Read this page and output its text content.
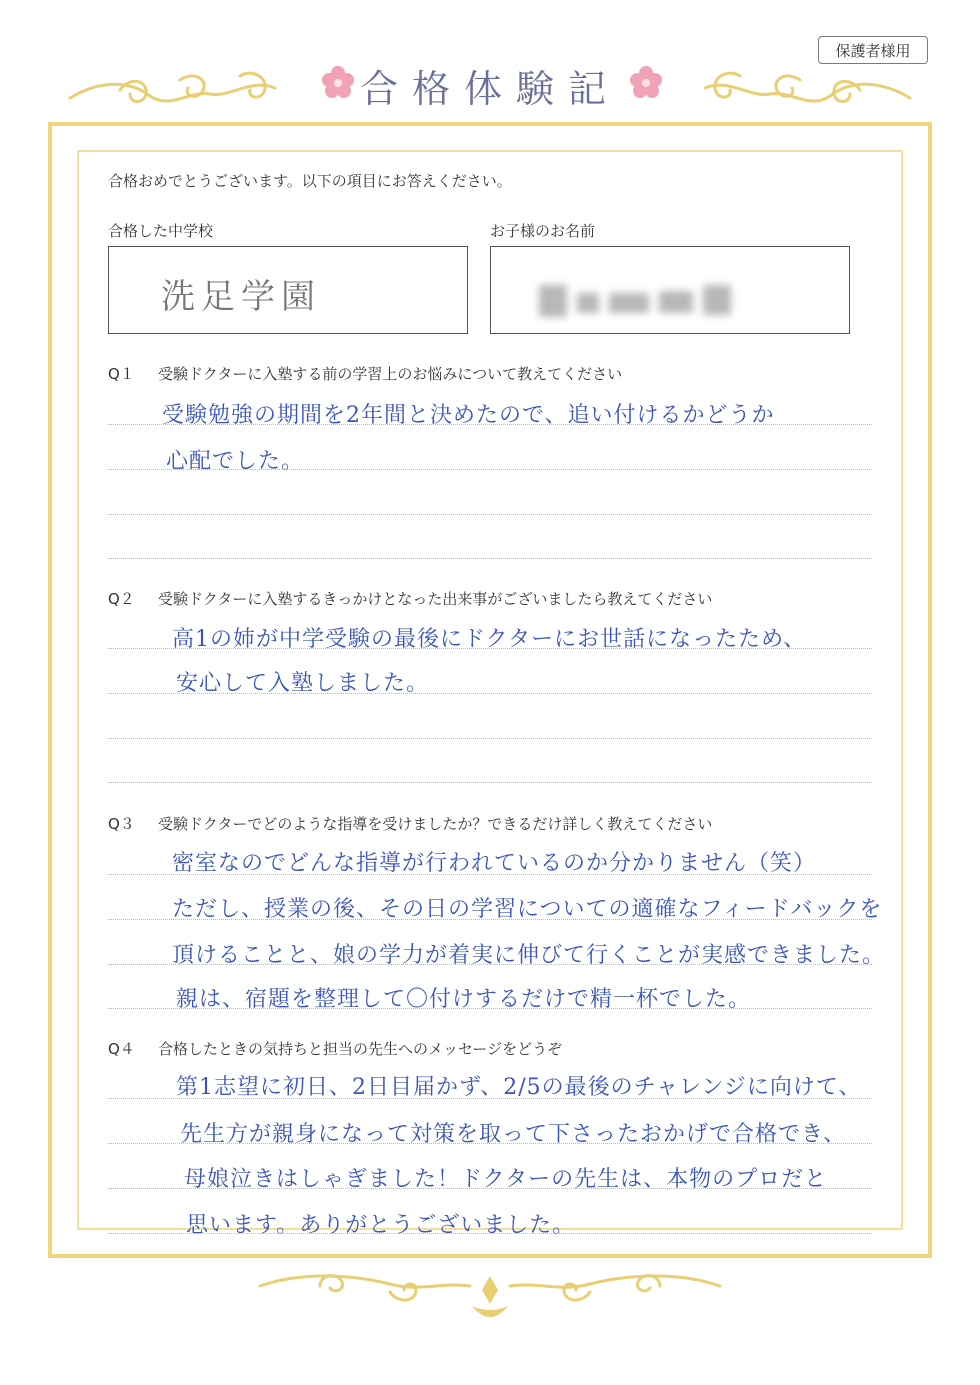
保護者様用
合格体験記
合格おめでとうございます。以下の項目にお答えください。
合格した中学校
洗足学園
お子様のお名前
Q１ 受験ドクターに入塾する前の学習上のお悩みについて教えてください
受験勉強の期間を2年間と決めたので、追い付けるかどうか
心配でした。
Q２ 受験ドクターに入塾するきっかけとなった出来事がございましたら教えてください
高1の姉が中学受験の最後にドクターにお世話になったため、
安心して入塾しました。
Q３ 受験ドクターでどのような指導を受けましたか？できるだけ詳しく教えてください
密室なのでどんな指導が行われているのか分かりません（笑）
ただし、授業の後、その日の学習についての適確なフィードバックを
頂けることと、娘の学力が着実に伸びて行くことが実感できました。
親は、宿題を整理して〇付けするだけで精一杯でした。
Q４ 合格したときの気持ちと担当の先生へのメッセージをどうぞ
第1志望に初日、2日目届かず、2/5の最後のチャレンジに向けて、
先生方が親身になって対策を取って下さったおかげで合格でき、
母娘泣きはしゃぎました！ドクターの先生は、本物のプロだと
思います。ありがとうございました。
